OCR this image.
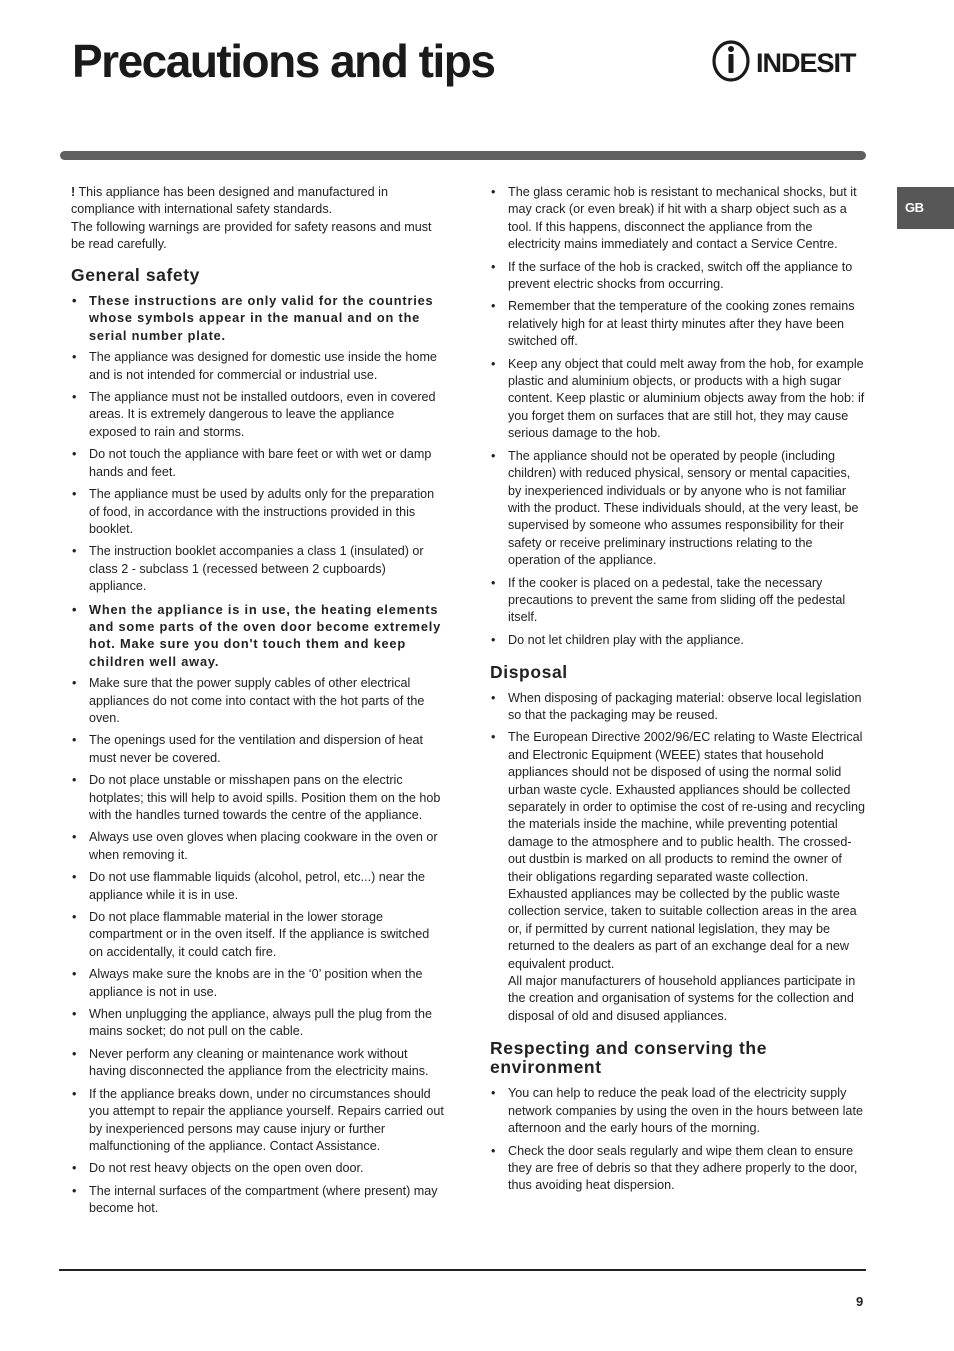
Precautions and tips	INDESIT
GB

! This appliance has been designed and manufactured in compliance with international safety standards.
The following warnings are provided for safety reasons and must be read carefully.

General safety
• These instructions are only valid for the countries whose symbols appear in the manual and on the serial number plate.
• The appliance was designed for domestic use inside the home and is not intended for commercial or industrial use.
• The appliance must not be installed outdoors, even in covered areas. It is extremely dangerous to leave the appliance exposed to rain and storms.
• Do not touch the appliance with bare feet or with wet or damp hands and feet.
• The appliance must be used by adults only for the preparation of food, in accordance with the instructions provided in this booklet.
• The instruction booklet accompanies a class 1 (insulated) or class 2 - subclass 1 (recessed between 2 cupboards) appliance.
• When the appliance is in use, the heating elements and some parts of the oven door become extremely hot. Make sure you don't touch them and keep children well away.
• Make sure that the power supply cables of other electrical appliances do not come into contact with the hot parts of the oven.
• The openings used for the ventilation and dispersion of heat must never be covered.
• Do not place unstable or misshapen pans on the electric hotplates; this will help to avoid spills. Position them on the hob with the handles turned towards the centre of the appliance.
• Always use oven gloves when placing cookware in the oven or when removing it.
• Do not use flammable liquids (alcohol, petrol, etc...) near the appliance while it is in use.
• Do not place flammable material in the lower storage compartment or in the oven itself. If the appliance is switched on accidentally, it could catch fire.
• Always make sure the knobs are in the ‘0’ position when the appliance is not in use.
• When unplugging the appliance, always pull the plug from the mains socket; do not pull on the cable.
• Never perform any cleaning or maintenance work without having disconnected the appliance from the electricity mains.
• If the appliance breaks down, under no circumstances should you attempt to repair the appliance yourself. Repairs carried out by inexperienced persons may cause injury or further malfunctioning of the appliance. Contact Assistance.
• Do not rest heavy objects on the open oven door.
• The internal surfaces of the compartment (where present) may become hot.
• The glass ceramic hob is resistant to mechanical shocks, but it may crack (or even break) if hit with a sharp object such as a tool. If this happens, disconnect the appliance from the electricity mains immediately and contact a Service Centre.
• If the surface of the hob is cracked, switch off the appliance to prevent electric shocks from occurring.
• Remember that the temperature of the cooking zones remains relatively high for at least thirty minutes after they have been switched off.
• Keep any object that could melt away from the hob, for example plastic and aluminium objects, or products with a high sugar content. Keep plastic or aluminium objects away from the hob: if you forget them on surfaces that are still hot, they may cause serious damage to the hob.
• The appliance should not be operated by people (including children) with reduced physical, sensory or mental capacities, by inexperienced individuals or by anyone who is not familiar with the product. These individuals should, at the very least, be supervised by someone who assumes responsibility for their safety or receive preliminary instructions relating to the operation of the appliance.
• If the cooker is placed on a pedestal, take the necessary precautions to prevent the same from sliding off the pedestal itself.
• Do not let children play with the appliance.
Disposal
• When disposing of packaging material: observe local legislation so that the packaging may be reused.
• The European Directive 2002/96/EC relating to Waste Electrical and Electronic Equipment (WEEE) states that household appliances should not be disposed of using the normal solid urban waste cycle. Exhausted appliances should be collected separately in order to optimise the cost of re-using and recycling the materials inside the machine, while preventing potential damage to the atmosphere and to public health. The crossed-out dustbin is marked on all products to remind the owner of their obligations regarding separated waste collection.
Exhausted appliances may be collected by the public waste collection service, taken to suitable collection areas in the area or, if permitted by current national legislation, they may be returned to the dealers as part of an exchange deal for a new equivalent product.
All major manufacturers of household appliances participate in the creation and organisation of systems for the collection and disposal of old and disused appliances.
Respecting and conserving the environment
• You can help to reduce the peak load of the electricity supply network companies by using the oven in the hours between late afternoon and the early hours of the morning.
• Check the door seals regularly and wipe them clean to ensure they are free of debris so that they adhere properly to the door, thus avoiding heat dispersion.
9
